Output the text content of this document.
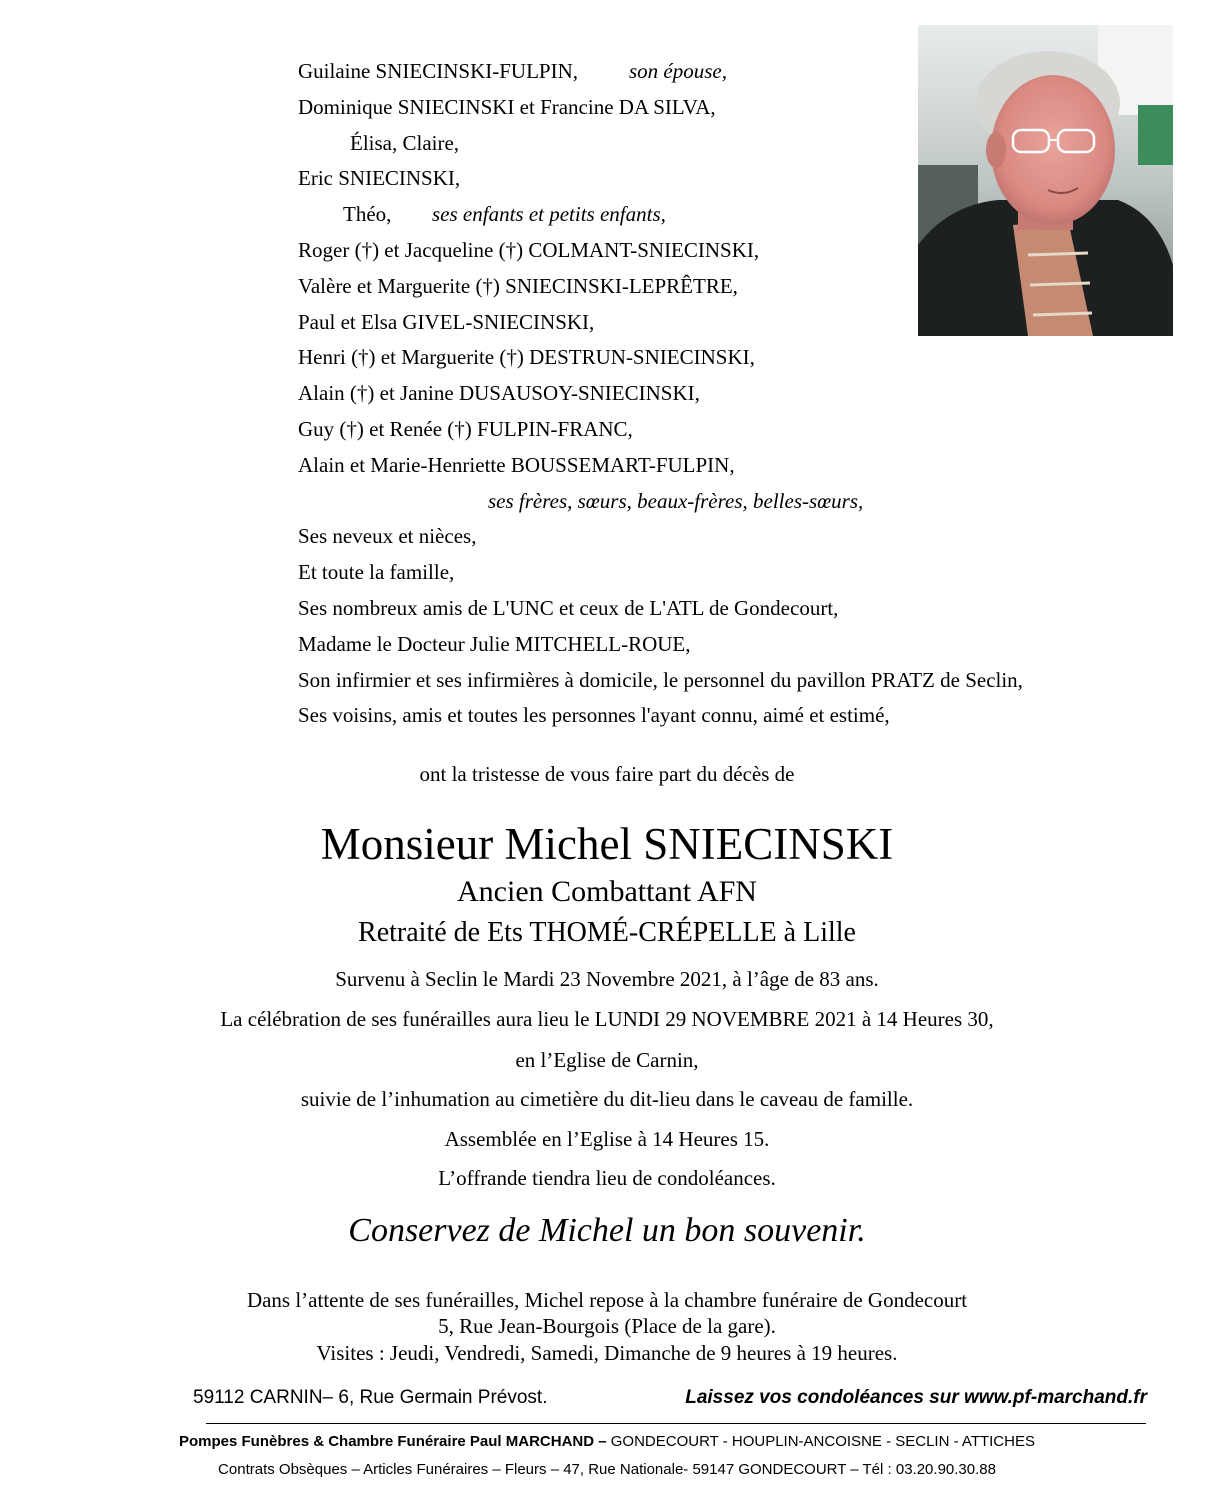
Guilaine SNIECINSKI-FULPIN, son épouse,
Dominique SNIECINSKI et Francine DA SILVA,
Élisa, Claire,
Eric SNIECINSKI,
Théo, ses enfants et petits enfants,
Roger (†) et Jacqueline (†) COLMANT-SNIECINSKI,
Valère et Marguerite (†) SNIECINSKI-LEPRÊTRE,
Paul et Elsa GIVEL-SNIECINSKI,
Henri (†) et Marguerite (†) DESTRUN-SNIECINSKI,
Alain (†) et Janine DUSAUSOY-SNIECINSKI,
Guy (†) et Renée (†) FULPIN-FRANC,
Alain et Marie-Henriette BOUSSEMART-FULPIN,
ses frères, sœurs, beaux-frères, belles-sœurs,
Ses neveux et nièces,
Et toute la famille,
Ses nombreux amis de L'UNC et ceux de L'ATL de Gondecourt,
Madame le Docteur Julie MITCHELL-ROUE,
Son infirmier et ses infirmières à domicile, le personnel du pavillon PRATZ de Seclin,
Ses voisins, amis et toutes les personnes l'ayant connu, aimé et estimé,
ont la tristesse de vous faire part du décès de
Monsieur Michel SNIECINSKI
Ancien Combattant AFN
Retraité de Ets THOMÉ-CRÉPELLE à Lille
Survenu à Seclin le Mardi 23 Novembre 2021, à l’âge de 83 ans.
La célébration de ses funérailles aura lieu le LUNDI 29 NOVEMBRE 2021 à 14 Heures 30,
en l’Eglise de Carnin,
suivie de l’inhumation au cimetière du dit-lieu dans le caveau de famille.
Assemblée en l’Eglise à 14 Heures 15.
L’offrande tiendra lieu de condoléances.
Conservez de Michel un bon souvenir.
Dans l’attente de ses funérailles, Michel repose à la chambre funéraire de Gondecourt
5, Rue Jean-Bourgois (Place de la gare).
Visites : Jeudi, Vendredi, Samedi, Dimanche de 9 heures à 19 heures.
59112 CARNIN– 6, Rue Germain Prévost.	Laissez vos condoléances sur www.pf-marchand.fr
Pompes Funèbres & Chambre Funéraire Paul MARCHAND – GONDECOURT - HOUPLIN-ANCOISNE - SECLIN - ATTICHES
Contrats Obsèques – Articles Funéraires – Fleurs – 47, Rue Nationale- 59147 GONDECOURT – Tél : 03.20.90.30.88
